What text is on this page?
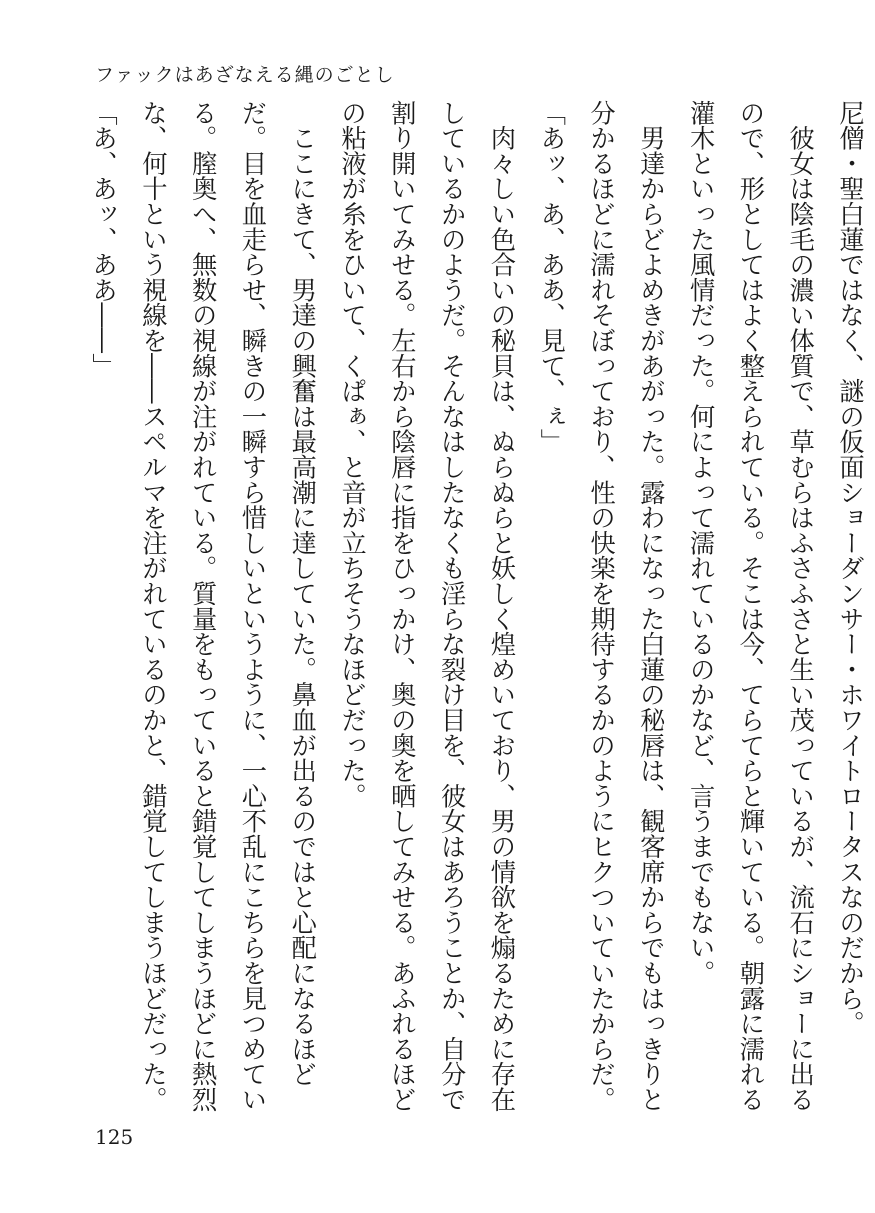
ファックはあざなえる縄のごとし
尼僧・聖白蓮ではなく、謎の仮面ショーダンサー・ホワイトロータスなのだから。
　彼女は陰毛の濃い体質で、草むらはふさふさと生い茂っているが、流石にショーに出る
ので、形としてはよく整えられている。そこは今、てらてらと輝いている。朝露に濡れる
灌木といった風情だった。何によって濡れているのかなど、言うまでもない。
　男達からどよめきがあがった。露わになった白蓮の秘唇は、観客席からでもはっきりと
分かるほどに濡れそぼっており、性の快楽を期待するかのようにヒクついていたからだ。
「あッ、あ、ああ、見て、ぇ」
　肉々しい色合いの秘貝は、ぬらぬらと妖しく煌めいており、男の情欲を煽るために存在
しているかのようだ。そんなはしたなくも淫らな裂け目を、彼女はあろうことか、自分で
割り開いてみせる。左右から陰唇に指をひっかけ、奥の奥を晒してみせる。あふれるほど
の粘液が糸をひいて、くぱぁ、と音が立ちそうなほどだった。
　ここにきて、男達の興奮は最高潮に達していた。鼻血が出るのではと心配になるほど
だ。目を血走らせ、瞬きの一瞬すら惜しいというように、一心不乱にこちらを見つめてい
る。膣奥へ、無数の視線が注がれている。質量をもっていると錯覚してしまうほどに熱烈
な、何十という視線を――スペルマを注がれているのかと、錯覚してしまうほどだった。
「あ、あッ、ああ――」
125
